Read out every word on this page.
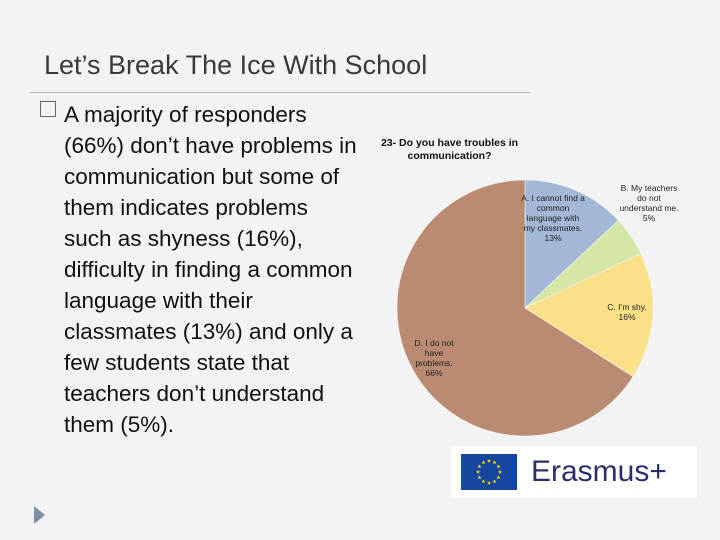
Let’s Break The Ice With School
A majority of responders (66%) don’t have problems in communication but some of them indicates problems such as shyness (16%), difficulty in finding a common language with their classmates (13%) and only a few students state that teachers don’t understand them (5%).
23- Do you have troubles in communication?
A. I cannot find a common language with my classmates. 13%
B. My teachers do not understand me. 5%
C. I’m shy. 16%
D. I do not have problems. 66%
Erasmus+
